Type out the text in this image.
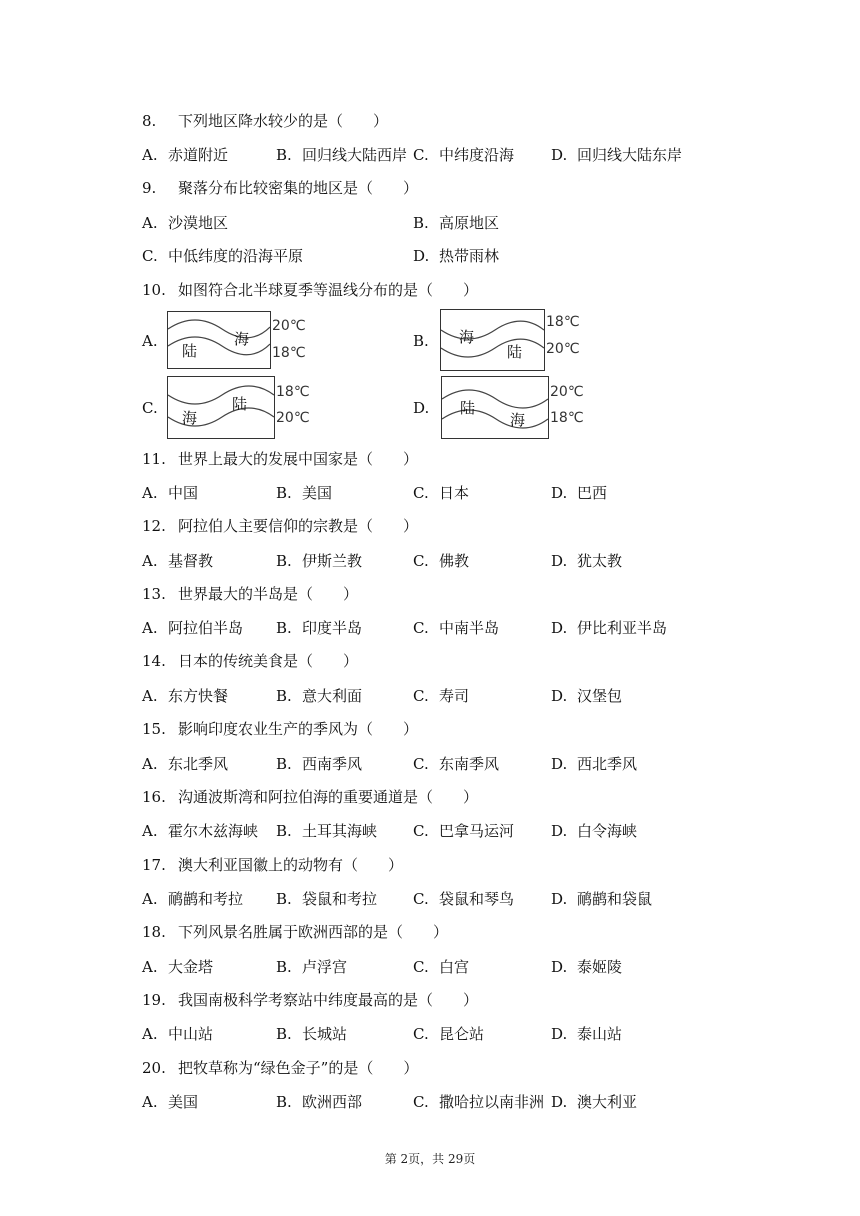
8. 下列地区降水较少的是（　　）
A. 赤道附近	B. 回归线大陆西岸 C. 中纬度沿海 D. 回归线大陆东岸
9. 聚落分布比较密集的地区是（　　）
A. 沙漠地区	B. 高原地区
C. 中低纬度的沿海平原	D. 热带雨林
10. 如图符合北半球夏季等温线分布的是（　　）
A.
陆
海
20℃
18℃
B. 海
陆
18℃
20℃
C.
海
陆
18℃
20℃
D. 陆
海
20℃
18℃
11. 世界上最大的发展中国家是（　　）
A. 中国	B. 美国	C. 日本	D. 巴西
12. 阿拉伯人主要信仰的宗教是（　　）
A. 基督教	B. 伊斯兰教	C. 佛教	D. 犹太教
13. 世界最大的半岛是（　　）
A. 阿拉伯半岛 B. 印度半岛	C. 中南半岛	D. 伊比利亚半岛
14. 日本的传统美食是（　　）
A. 东方快餐	B. 意大利面	C. 寿司	D. 汉堡包
15. 影响印度农业生产的季风为（　　）
A. 东北季风	B. 西南季风	C. 东南季风	D. 西北季风
16. 沟通波斯湾和阿拉伯海的重要通道是（　　）
A. 霍尔木兹海峡 B. 土耳其海峡 C. 巴拿马运河 D. 白令海峡
17. 澳大利亚国徽上的动物有（　　）
A. 鸸鹋和考拉 B. 袋鼠和考拉 C. 袋鼠和琴鸟 D. 鸸鹋和袋鼠
18. 下列风景名胜属于欧洲西部的是（　　）
A. 大金塔	B. 卢浮宫	C. 白宫	D. 泰姬陵
19. 我国南极科学考察站中纬度最高的是（　　）
A. 中山站	B. 长城站	C. 昆仑站	D. 泰山站
20. 把牧草称为“绿色金子”的是（　　）
A. 美国	B. 欧洲西部	C. 撒哈拉以南非洲 D. 澳大利亚
第 2页，共 29页
